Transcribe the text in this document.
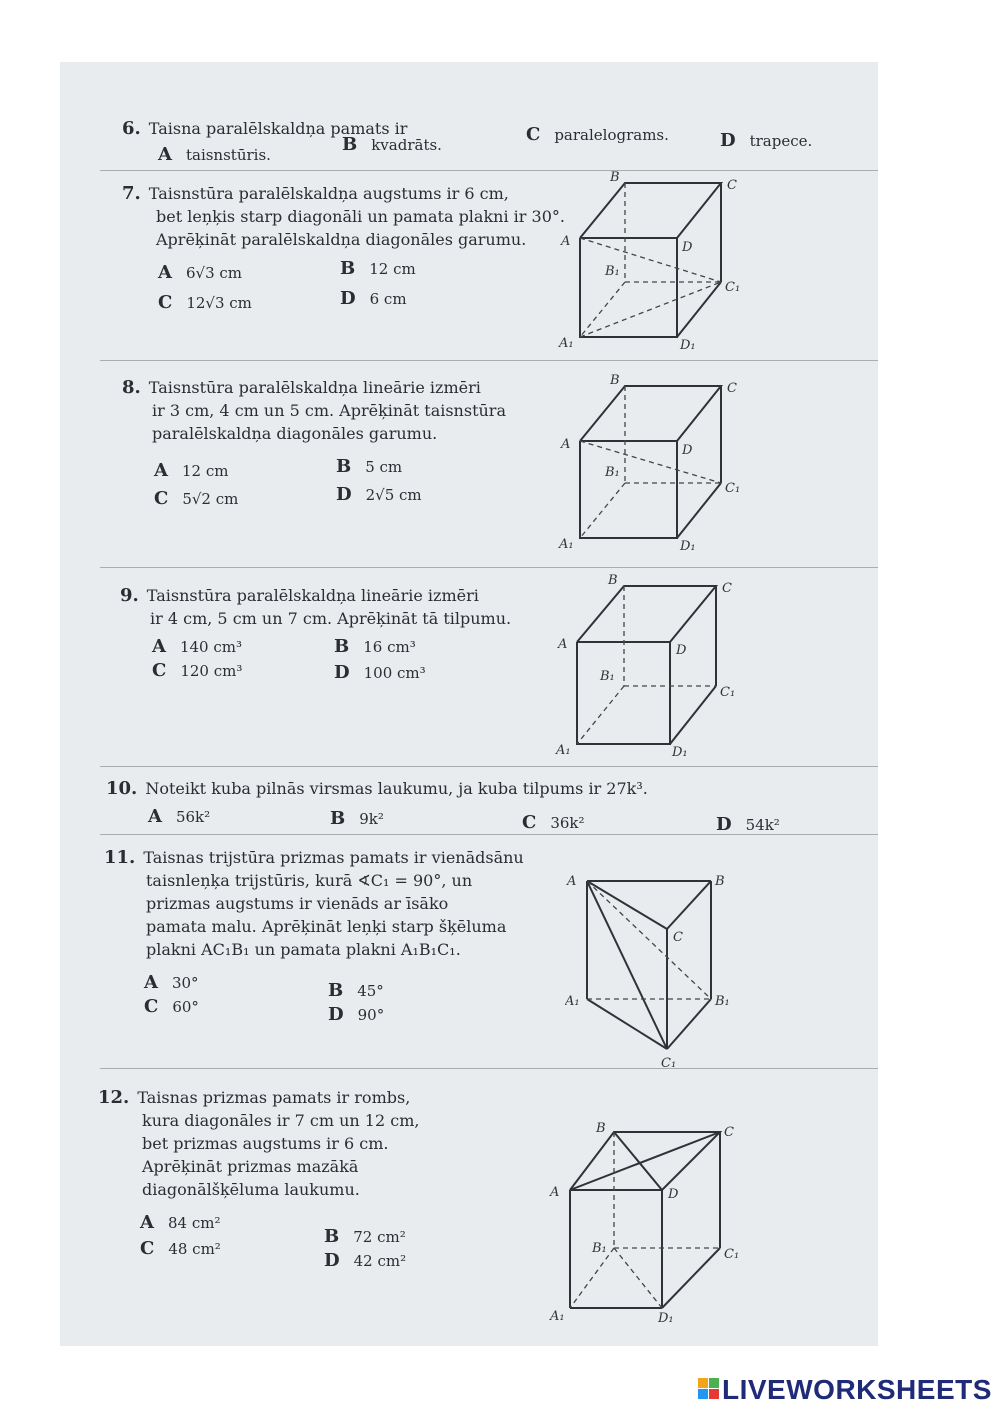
6. Taisna paralēlskaldņa pamats ir
A taisnstūris.	B kvadrāts.	C paralelograms.	D trapece.
7. Taisnstūra paralēlskaldņa augstums ir 6 cm,
bet leņķis starp diagonāli un pamata plakni ir 30°.
Aprēķināt paralēlskaldņa diagonāles garumu.
A 6√3 cm	B 12 cm
C 12√3 cm	D 6 cm
B
C
A	D
B₁
C₁
A₁	D₁
8. Taisnstūra paralēlskaldņa lineārie izmēri
ir 3 cm, 4 cm un 5 cm. Aprēķināt taisnstūra
paralēlskaldņa diagonāles garumu.
A 12 cm	B 5 cm
C 5√2 cm	D 2√5 cm
B
C
A	D
B₁
C₁
A₁	D₁
9. Taisnstūra paralēlskaldņa lineārie izmēri
ir 4 cm, 5 cm un 7 cm. Aprēķināt tā tilpumu.
A 140 cm³	B 16 cm³
C 120 cm³	D 100 cm³
B
C
A	D
B₁
C₁
A₁	D₁
10. Noteikt kuba pilnās virsmas laukumu, ja kuba tilpums ir 27k³.
A 56k²	B 9k²	C 36k²	D 54k²
11. Taisnas trijstūra prizmas pamats ir vienādsānu
taisnleņķa trijstūris, kurā ∢C₁ = 90°, un
prizmas augstums ir vienāds ar īsāko
pamata malu. Aprēķināt leņķi starp šķēluma
plakni AC₁B₁ un pamata plakni A₁B₁C₁.
A 30°	B 45°
C 60°	D 90°
A	B
C
A₁	B₁
C₁
12. Taisnas prizmas pamats ir rombs,
kura diagonāles ir 7 cm un 12 cm,
bet prizmas augstums ir 6 cm.
Aprēķināt prizmas mazākā
diagonālšķēluma laukumu.
A 84 cm²
B 72 cm²
C 48 cm²
D 42 cm²
B	C
A	D
B₁	C₁
A₁	D₁
LIVEWORKSHEETS
